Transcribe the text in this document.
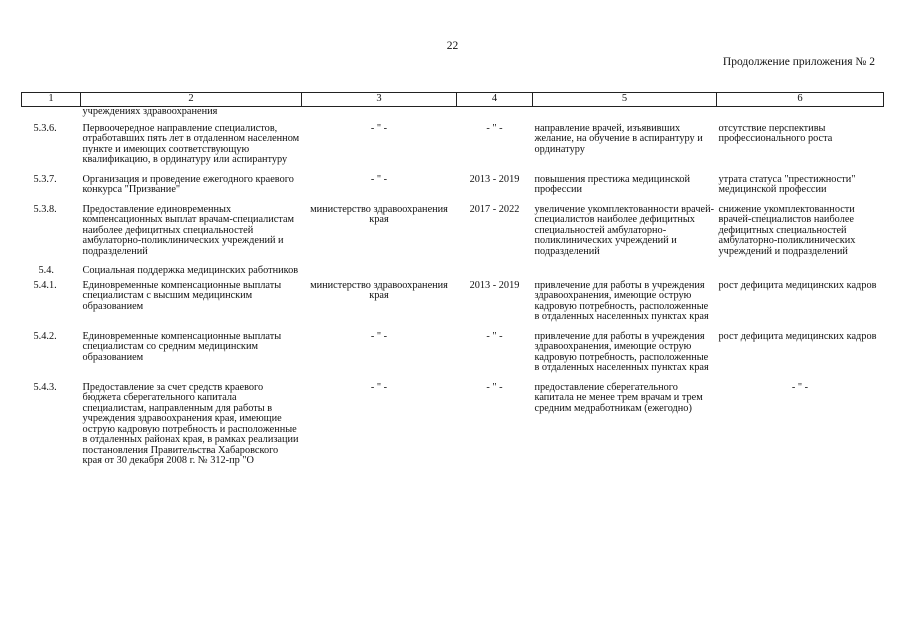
22
Продолжение приложения № 2
1	2	3	4	5	6
	учреждениях здравоохранения				
5.3.6.	Первоочередное направление специалистов, отработавших пять лет в отдаленном населенном пункте и имеющих соответствующую квалификацию, в ординатуру или аспирантуру	- " -	- " -	направление врачей, изъявивших желание, на обучение в аспирантуру и ординатуру	отсутствие перспективы профессионального роста
5.3.7.	Организация и проведение ежегодного краевого конкурса "Призвание"	- " -	2013 - 2019	повышения престижа медицинской профессии	утрата статуса "престижности" медицинской профессии
5.3.8.	Предоставление единовременных компенсационных выплат врачам-специалистам наиболее дефицитных специальностей амбулаторно-поликлинических учреждений и подразделений	министерство здравоохранения края	2017 - 2022	увеличение укомплектованности врачей-специалистов наиболее дефицитных специальностей амбулаторно-поликлинических учреждений и подразделений	снижение укомплектованности врачей-специалистов наиболее дефицитных специальностей амбулаторно-поликлинических учреждений и подразделений
5.4.	Социальная поддержка медицинских работников				
5.4.1.	Единовременные компенсационные выплаты специалистам с высшим медицинским образованием	министерство здравоохранения края	2013 - 2019	привлечение для работы в учреждения здравоохранения, имеющие острую кадровую потребность, расположенные в отдаленных населенных пунктах края	рост дефицита медицинских кадров
5.4.2.	Единовременные компенсационные выплаты специалистам со средним медицинским образованием	- " -	- " -	привлечение для работы в учреждения здравоохранения, имеющие острую кадровую потребность, расположенные в отдаленных населенных пунктах края	рост дефицита медицинских кадров
5.4.3.	Предоставление за счет средств краевого бюджета сберегательного капитала специалистам, направленным для работы в учреждения здравоохранения края, имеющие острую кадровую потребность и расположенные в отдаленных районах края, в рамках реализации постановления Правительства Хабаровского края от 30 декабря 2008 г. № 312-пр "О	- " -	- " -	предоставление сберегательного капитала не менее трем врачам и трем средним медработникам (ежегодно)	- " -
